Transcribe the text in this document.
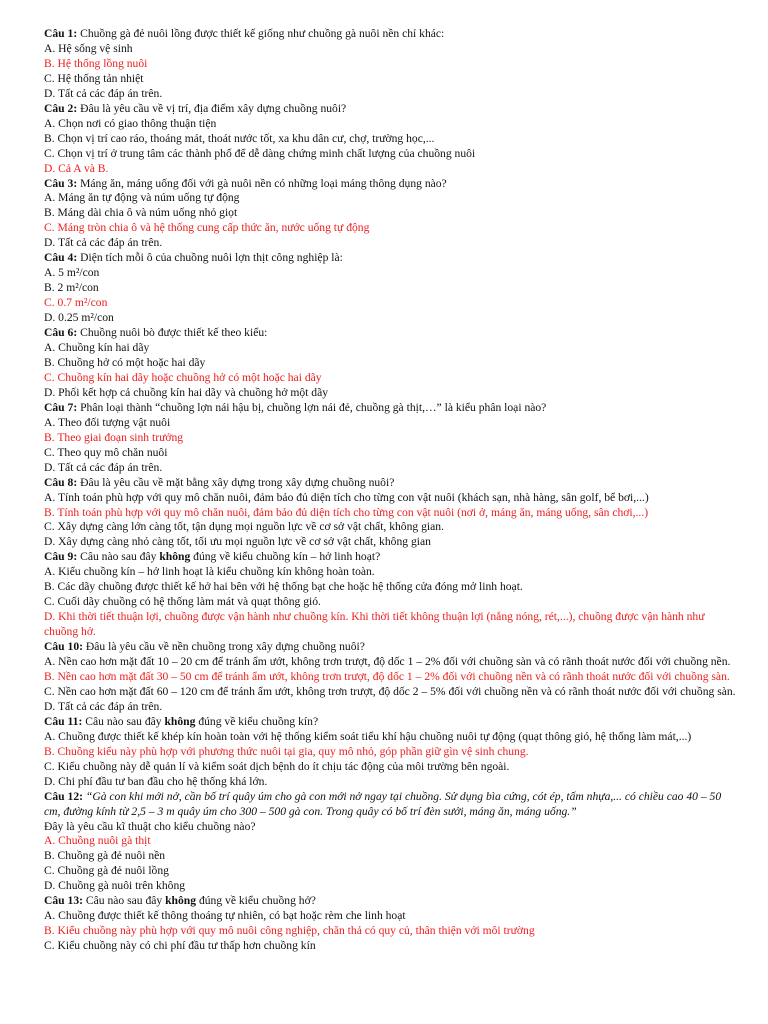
Câu 1: Chuồng gà đẻ nuôi lồng được thiết kế giống như chuồng gà nuôi nền chỉ khác:

A. Hệ sống vệ sinh

B. Hệ thống lồng nuôi

C. Hệ thống tản nhiệt

D. Tất cả các đáp án trên.

Câu 2: Đâu là yêu cầu về vị trí, địa điểm xây dựng chuồng nuôi?

A. Chọn nơi có giao thông thuận tiện

B. Chọn vị trí cao ráo, thoáng mát, thoát nước tốt, xa khu dân cư, chợ, trường học,...

C. Chọn vị trí ở trung tâm các thành phố để dễ dàng chứng minh chất lượng của chuồng nuôi

D. Cả A và B.

Câu 3: Máng ăn, máng uống đối với gà nuôi nền có những loại máng thông dụng nào?

A. Máng ăn tự động và núm uống tự động

B. Máng dài chia ô và núm uống nhỏ giọt

C. Máng tròn chia ô và hệ thống cung cấp thức ăn, nước uống tự động

D. Tất cả các đáp án trên.

Câu 4: Diện tích mỗi ô của chuồng nuôi lợn thịt công nghiệp là:

A. 5 m²/con

B. 2 m²/con

C. 0.7 m²/con

D. 0.25 m²/con

Câu 6: Chuồng nuôi bò được thiết kế theo kiểu:

A. Chuồng kín hai dãy

B. Chuồng hở có một hoặc hai dãy

C. Chuồng kín hai dãy hoặc chuồng hở có một hoặc hai dãy

D. Phối kết hợp cả chuồng kín hai dãy và chuồng hở một dãy

Câu 7: Phân loại thành “chuồng lợn nái hậu bị, chuồng lợn nái đẻ, chuồng gà thịt,…” là kiểu phân loại nào?

A. Theo đối tượng vật nuôi

B. Theo giai đoạn sinh trưởng

C. Theo quy mô chăn nuôi

D. Tất cả các đáp án trên.

Câu 8: Đâu là yêu cầu về mặt bằng xây dựng trong xây dựng chuồng nuôi?

A. Tính toán phù hợp với quy mô chăn nuôi, đảm bảo đủ diện tích cho từng con vật nuôi (khách sạn, nhà hàng, sân golf, bể bơi,...)

B. Tính toán phù hợp với quy mô chăn nuôi, đảm bảo đủ diện tích cho từng con vật nuôi (nơi ở, máng ăn, máng uống, sân chơi,...)

C. Xây dựng càng lớn càng tốt, tận dụng mọi nguồn lực về cơ sở vật chất, không gian.

D. Xây dựng càng nhỏ càng tốt, tối ưu mọi nguồn lực về cơ sở vật chất, không gian

Câu 9: Câu nào sau đây không đúng về kiểu chuồng kín – hở linh hoạt?

A. Kiểu chuồng kín – hở linh hoạt là kiểu chuồng kín không hoàn toàn.

B. Các dãy chuồng được thiết kế hở hai bên với hệ thống bạt che hoặc hệ thống cửa đóng mở linh hoạt.

C. Cuối dãy chuồng có hệ thống làm mát và quạt thông gió.

D. Khi thời tiết thuận lợi, chuồng được vận hành như chuồng kín. Khi thời tiết không thuận lợi (nắng nóng, rét,...), chuồng được vận hành như chuồng hở.

Câu 10: Đâu là yêu cầu về nền chuồng trong xây dựng chuồng nuôi?

A. Nền cao hơn mặt đất 10 – 20 cm để tránh ẩm ướt, không trơn trượt, độ dốc 1 – 2% đối với chuồng sàn và có rãnh thoát nước đối với chuồng nền.

B. Nền cao hơn mặt đất 30 – 50 cm để tránh ẩm ướt, không trơn trượt, độ dốc 1 – 2% đối với chuồng nền và có rãnh thoát nước đối với chuồng sàn.

C. Nền cao hơn mặt đất 60 – 120 cm để tránh ẩm ướt, không trơn trượt, độ dốc 2 – 5% đối với chuồng nền và có rãnh thoát nước đối với chuồng sàn.

D. Tất cả các đáp án trên.

Câu 11: Câu nào sau đây không đúng về kiểu chuồng kín?

A. Chuồng được thiết kế khép kín hoàn toàn với hệ thống kiểm soát tiểu khí hậu chuồng nuôi tự động (quạt thông gió, hệ thống làm mát,...)

B. Chuồng kiểu này phù hợp với phương thức nuôi tại gia, quy mô nhỏ, góp phần giữ gìn vệ sinh chung.

C. Kiểu chuồng này dễ quản lí và kiểm soát dịch bệnh do ít chịu tác động của môi trường bên ngoài.

D. Chi phí đầu tư ban đầu cho hệ thống khá lớn.

Câu 12: “Gà con khi mới nở, cần bố trí quây úm cho gà con mới nở ngay tại chuồng. Sử dụng bìa cứng, cót ép, tấm nhựa,... có chiều cao 40 – 50 cm, đường kính từ 2,5 – 3 m quây úm cho 300 – 500 gà con. Trong quây có bố trí đèn sưởi, máng ăn, máng uống.”

Đây là yêu cầu kĩ thuật cho kiểu chuồng nào?

A. Chuồng nuôi gà thịt

B. Chuồng gà đẻ nuôi nền

C. Chuồng gà đẻ nuôi lồng

D. Chuồng gà nuôi trên không

Câu 13: Câu nào sau đây không đúng về kiểu chuồng hở?

A. Chuồng được thiết kế thông thoáng tự nhiên, có bạt hoặc rèm che linh hoạt

B. Kiểu chuồng này phù hợp với quy mô nuôi công nghiệp, chăn thả có quy củ, thân thiện với môi trường

C. Kiểu chuồng này có chi phí đầu tư thấp hơn chuồng kín
